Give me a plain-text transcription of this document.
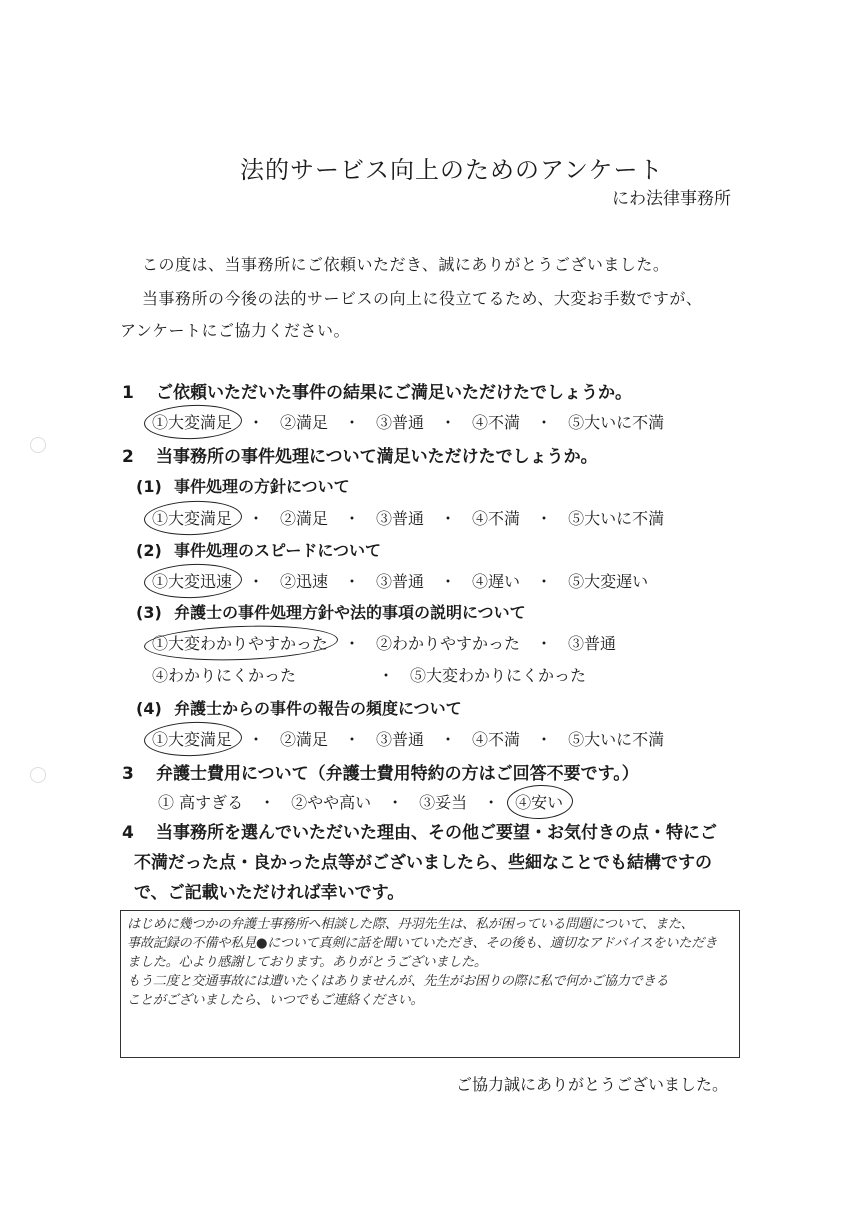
法的サービス向上のためのアンケート
にわ法律事務所
この度は、当事務所にご依頼いただき、誠にありがとうございました。
当事務所の今後の法的サービスの向上に役立てるため、大変お手数ですが、
アンケートにご協力ください。
1 ご依頼いただいた事件の結果にご満足いただけたでしょうか。
①大変満足 ・	②満足 ・	③普通 ・	④不満 ・	⑤大いに不満
2 当事務所の事件処理について満足いただけたでしょうか。
(1) 事件処理の方針について
①大変満足 ・	②満足 ・	③普通 ・	④不満 ・	⑤大いに不満
(2) 事件処理のスピードについて
①大変迅速 ・	②迅速 ・	③普通 ・	④遅い ・	⑤大変遅い
(3) 弁護士の事件処理方針や法的事項の説明について
①大変わかりやすかった ・	②わかりやすかった ・	③普通
④わかりにくかった	・	⑤大変わかりにくかった
(4) 弁護士からの事件の報告の頻度について
①大変満足 ・	②満足 ・	③普通 ・	④不満 ・	⑤大いに不満
3 弁護士費用について（弁護士費用特約の方はご回答不要です。）
① 高すぎる ・	②やや高い ・	③妥当 ・	④安い
4 当事務所を選んでいただいた理由、その他ご要望・お気付きの点・特にご
不満だった点・良かった点等がございましたら、些細なことでも結構ですの
で、ご記載いただければ幸いです。
はじめに幾つかの弁護士事務所へ相談した際、丹羽先生は、私が困っている問題について、また、
事故記録の不備や私見●について真剣に話を聞いていただき、その後も、適切なアドバイスをいただき
ました。心より感謝しております。ありがとうございました。
もう二度と交通事故には遭いたくはありませんが、先生がお困りの際に私で何かご協力できる
ことがございましたら、いつでもご連絡ください。
ご協力誠にありがとうございました。
